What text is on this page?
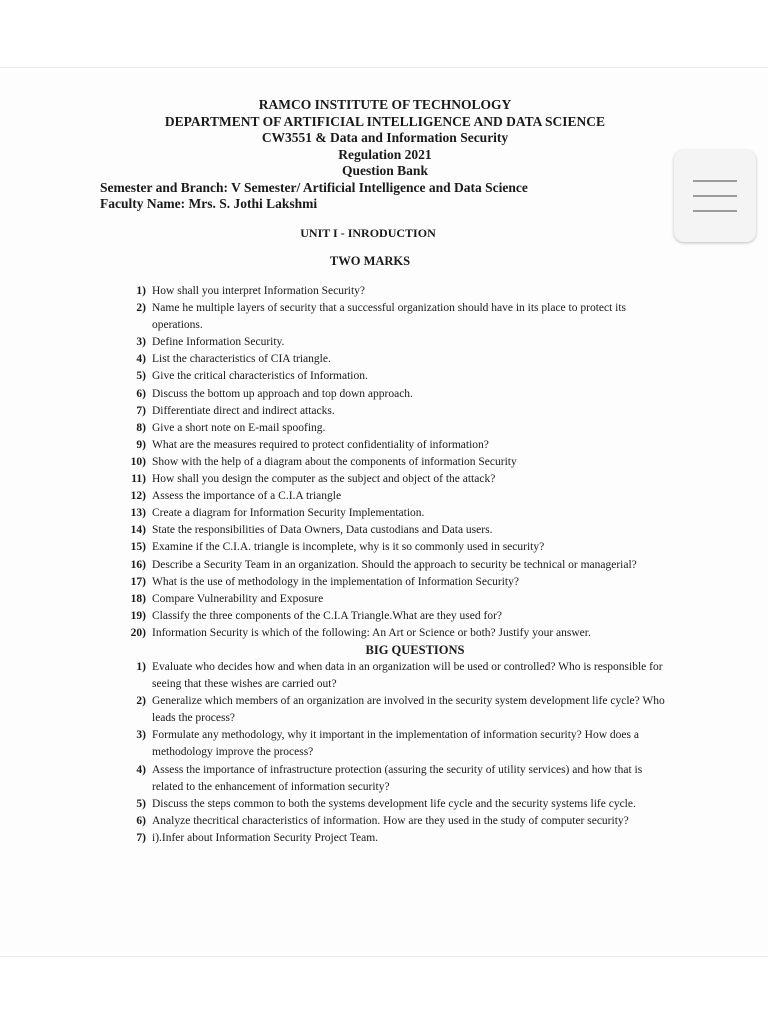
RAMCO INSTITUTE OF TECHNOLOGY
DEPARTMENT OF ARTIFICIAL INTELLIGENCE AND DATA SCIENCE
CW3551 & Data and Information Security
Regulation 2021
Question Bank
Semester and Branch: V Semester/ Artificial Intelligence and Data Science
Faculty Name: Mrs. S. Jothi Lakshmi
UNIT I - INRODUCTION
TWO MARKS
1) How shall you interpret Information Security?
2) Name he multiple layers of security that a successful organization should have in its place to protect its operations.
3) Define Information Security.
4) List the characteristics of CIA triangle.
5) Give the critical characteristics of Information.
6) Discuss the bottom up approach and top down approach.
7) Differentiate direct and indirect attacks.
8) Give a short note on E-mail spoofing.
9) What are the measures required to protect confidentiality of information?
10) Show with the help of a diagram about the components of information Security
11) How shall you design the computer as the subject and object of the attack?
12) Assess the importance of a C.I.A triangle
13) Create a diagram for Information Security Implementation.
14) State the responsibilities of Data Owners, Data custodians and Data users.
15) Examine if the C.I.A. triangle is incomplete, why is it so commonly used in security?
16) Describe a Security Team in an organization. Should the approach to security be technical or managerial?
17) What is the use of methodology in the implementation of Information Security?
18) Compare Vulnerability and Exposure
19) Classify the three components of the C.I.A Triangle.What are they used for?
20) Information Security is which of the following: An Art or Science or both? Justify your answer.
BIG QUESTIONS
1) Evaluate who decides how and when data in an organization will be used or controlled? Who is responsible for seeing that these wishes are carried out?
2) Generalize which members of an organization are involved in the security system development life cycle? Who leads the process?
3) Formulate any methodology, why it important in the implementation of information security? How does a methodology improve the process?
4) Assess the importance of infrastructure protection (assuring the security of utility services) and how that is related to the enhancement of information security?
5) Discuss the steps common to both the systems development life cycle and the security systems life cycle.
6) Analyze thecritical characteristics of information. How are they used in the study of computer security?
7) i).Infer about Information Security Project Team.
